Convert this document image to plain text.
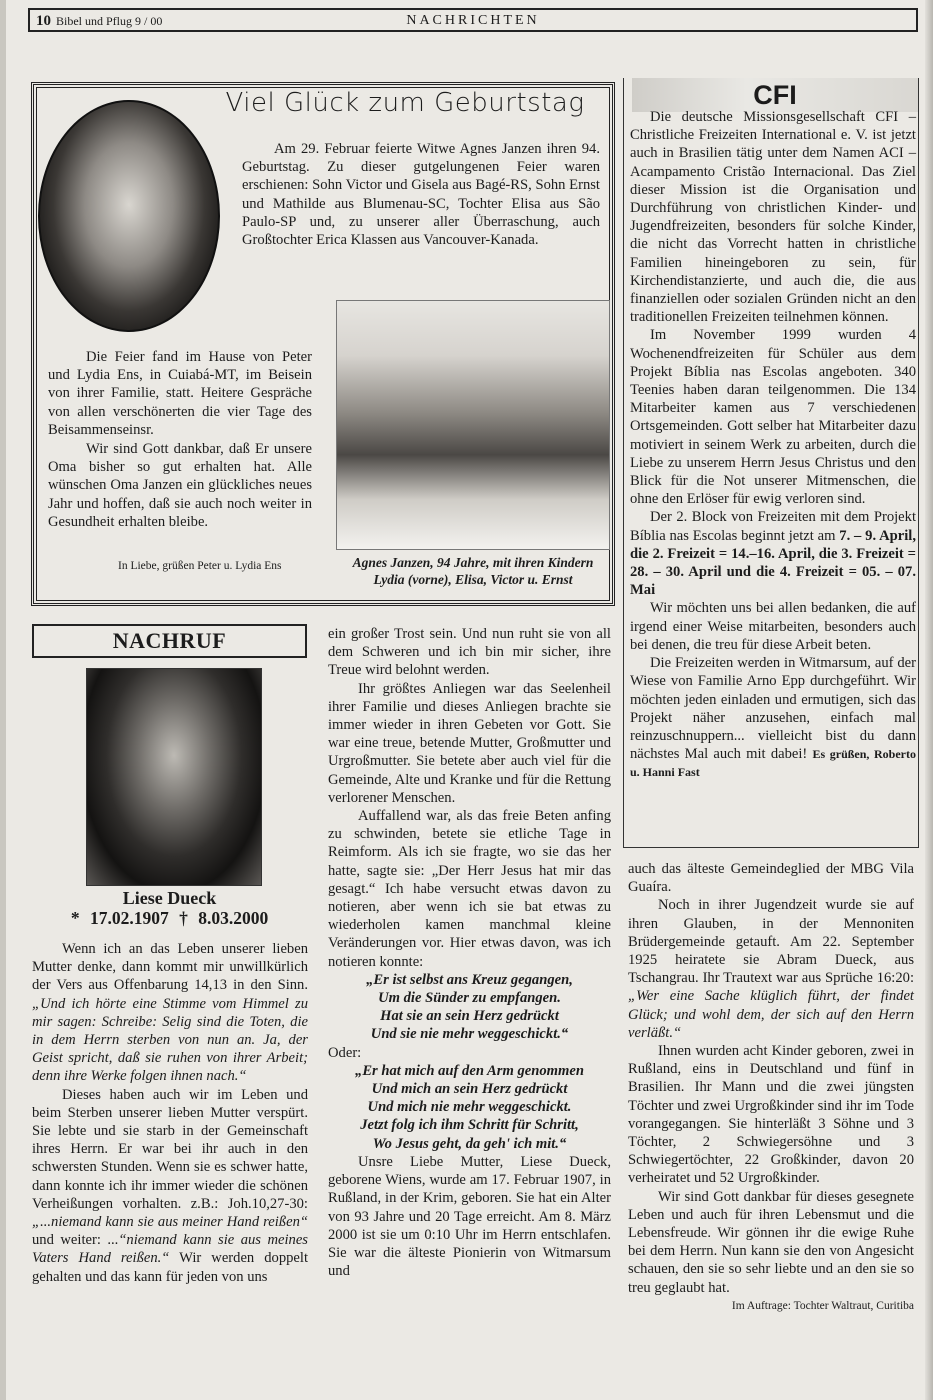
10 Bibel und Pflug 9 / 00	NACHRICHTEN
Viel Glück zum Geburtstag

Am 29. Februar feierte Witwe Agnes Janzen ihren 94. Geburtstag. Zu dieser gutgelungenen Feier waren erschienen: Sohn Victor und Gisela aus Bagé-RS, Sohn Ernst und Mathilde aus Blumenau-SC, Tochter Elisa aus São Paulo-SP und, zu unserer aller Überraschung, auch Großtochter Erica Klassen aus Vancouver-Kanada.

Die Feier fand im Hause von Peter und Lydia Ens, in Cuiabá-MT, im Beisein von ihrer Familie, statt. Heitere Gespräche von allen verschönerten die vier Tage des Beisammenseinsr.

Wir sind Gott dankbar, daß Er unsere Oma bisher so gut erhalten hat. Alle wünschen Oma Janzen ein glückliches neues Jahr und hoffen, daß sie auch noch weiter in Gesundheit erhalten bleibe.

In Liebe, grüßen Peter u. Lydia Ens	Agnes Janzen, 94 Jahre, mit ihren Kindern Lydia (vorne), Elisa, Victor u. Ernst
CFI

Die deutsche Missionsgesellschaft CFI – Christliche Freizeiten International e. V. ist jetzt auch in Brasilien tätig unter dem Namen ACI – Acampamento Cristão Internacional. Das Ziel dieser Mission ist die Organisation und Durchführung von christlichen Kinder- und Jugendfreizeiten, besonders für solche Kinder, die nicht das Vorrecht hatten in christliche Familien hineingeboren zu sein, für Kirchendistanzierte, und auch die, die aus finanziellen oder sozialen Gründen nicht an den traditionellen Freizeiten teilnehmen können.

Im November 1999 wurden 4 Wochenendfreizeiten für Schüler aus dem Projekt Bíblia nas Escolas angeboten. 340 Teenies haben daran teilgenommen. Die 134 Mitarbeiter kamen aus 7 verschiedenen Ortsgemeinden. Gott selber hat Mitarbeiter dazu motiviert in seinem Werk zu arbeiten, durch die Liebe zu unserem Herrn Jesus Christus und den Blick für die Not unserer Mitmenschen, die ohne den Erlöser für ewig verloren sind.

Der 2. Block von Freizeiten mit dem Projekt Bíblia nas Escolas beginnt jetzt am 7. – 9. April, die 2. Freizeit = 14.–16. April, die 3. Freizeit = 28. – 30. April und die 4. Freizeit = 05. – 07. Mai

Wir möchten uns bei allen bedanken, die auf irgend einer Weise mitarbeiten, besonders auch bei denen, die treu für diese Arbeit beten.

Die Freizeiten werden in Witmarsum, auf der Wiese von Familie Arno Epp durchgeführt. Wir möchten jeden einladen und ermutigen, sich das Projekt näher anzusehen, einfach mal reinzuschnuppern... vielleicht bist du dann nächstes Mal auch mit dabei! Es grüßen, Roberto u. Hanni Fast

NACHRUF
Liese Dueck
* 17.02.1907 † 8.03.2000

Wenn ich an das Leben unserer lieben Mutter denke, dann kommt mir unwillkürlich der Vers aus Offenbarung 14,13 in den Sinn. „Und ich hörte eine Stimme vom Himmel zu mir sagen: Schreibe: Selig sind die Toten, die in dem Herrn sterben von nun an. Ja, der Geist spricht, daß sie ruhen von ihrer Arbeit; denn ihre Werke folgen ihnen nach.“

Dieses haben auch wir im Leben und beim Sterben unserer lieben Mutter verspürt. Sie lebte und sie starb in der Gemeinschaft ihres Herrn. Er war bei ihr auch in den schwersten Stunden. Wenn sie es schwer hatte, dann konnte ich ihr immer wieder die schönen Verheißungen vorhalten. z.B.: Joh.10,27-30:„...niemand kann sie aus meiner Hand reißen“ und weiter: ...“niemand kann sie aus meines Vaters Hand reißen.“ Wir werden doppelt gehalten und das kann für jeden von uns

ein großer Trost sein. Und nun ruht sie von all dem Schweren und ich bin mir sicher, ihre Treue wird belohnt werden.

Ihr größtes Anliegen war das Seelenheil ihrer Familie und dieses Anliegen brachte sie immer wieder in ihren Gebeten vor Gott. Sie war eine treue, betende Mutter, Großmutter und Urgroßmutter. Sie betete aber auch viel für die Gemeinde, Alte und Kranke und für die Rettung verlorener Menschen.

Auffallend war, als das freie Beten anfing zu schwinden, betete sie etliche Tage in Reimform. Als ich sie fragte, wo sie das her hatte, sagte sie: „Der Herr Jesus hat mir das gesagt.“ Ich habe versucht etwas davon zu notieren, aber wenn ich sie bat etwas zu wiederholen kamen manchmal kleine Veränderungen vor. Hier etwas davon, was ich notieren konnte:

„Er ist selbst ans Kreuz gegangen,
Um die Sünder zu empfangen.
Hat sie an sein Herz gedrückt
Und sie nie mehr weggeschickt.“
Oder:
„Er hat mich auf den Arm genommen
Und mich an sein Herz gedrückt
Und mich nie mehr weggeschickt.
Jetzt folg ich ihm Schritt für Schritt,
Wo Jesus geht, da geh' ich mit.“

Unsre Liebe Mutter, Liese Dueck, geborene Wiens, wurde am 17. Februar 1907, in Rußland, in der Krim, geboren. Sie hat ein Alter von 93 Jahre und 20 Tage erreicht. Am 8. März 2000 ist sie um 0:10 Uhr im Herrn entschlafen. Sie war die älteste Pionierin von Witmarsum und

auch das älteste Gemeindeglied der MBG Vila Guaíra.

Noch in ihrer Jugendzeit wurde sie auf ihren Glauben, in der Mennoniten Brüdergemeinde getauft. Am 22. September 1925 heiratete sie Abram Dueck, aus Tschangrau. Ihr Trautext war aus Sprüche 16:20: „Wer eine Sache klüglich führt, der findet Glück; und wohl dem, der sich auf den Herrn verläßt.“

Ihnen wurden acht Kinder geboren, zwei in Rußland, eins in Deutschland und fünf in Brasilien. Ihr Mann und die zwei jüngsten Töchter und zwei Urgroßkinder sind ihr im Tode vorangegangen. Sie hinterläßt 3 Söhne und 3 Töchter, 2 Schwiegersöhne und 3 Schwiegertöchter, 22 Großkinder, davon 20 verheiratet und 52 Urgroßkinder.

Wir sind Gott dankbar für dieses gesegnete Leben und auch für ihren Lebensmut und die Lebensfreude. Wir gönnen ihr die ewige Ruhe bei dem Herrn. Nun kann sie den von Angesicht schauen, den sie so sehr liebte und an den sie so treu geglaubt hat.

Im Auftrage: Tochter Waltraut, Curitiba
